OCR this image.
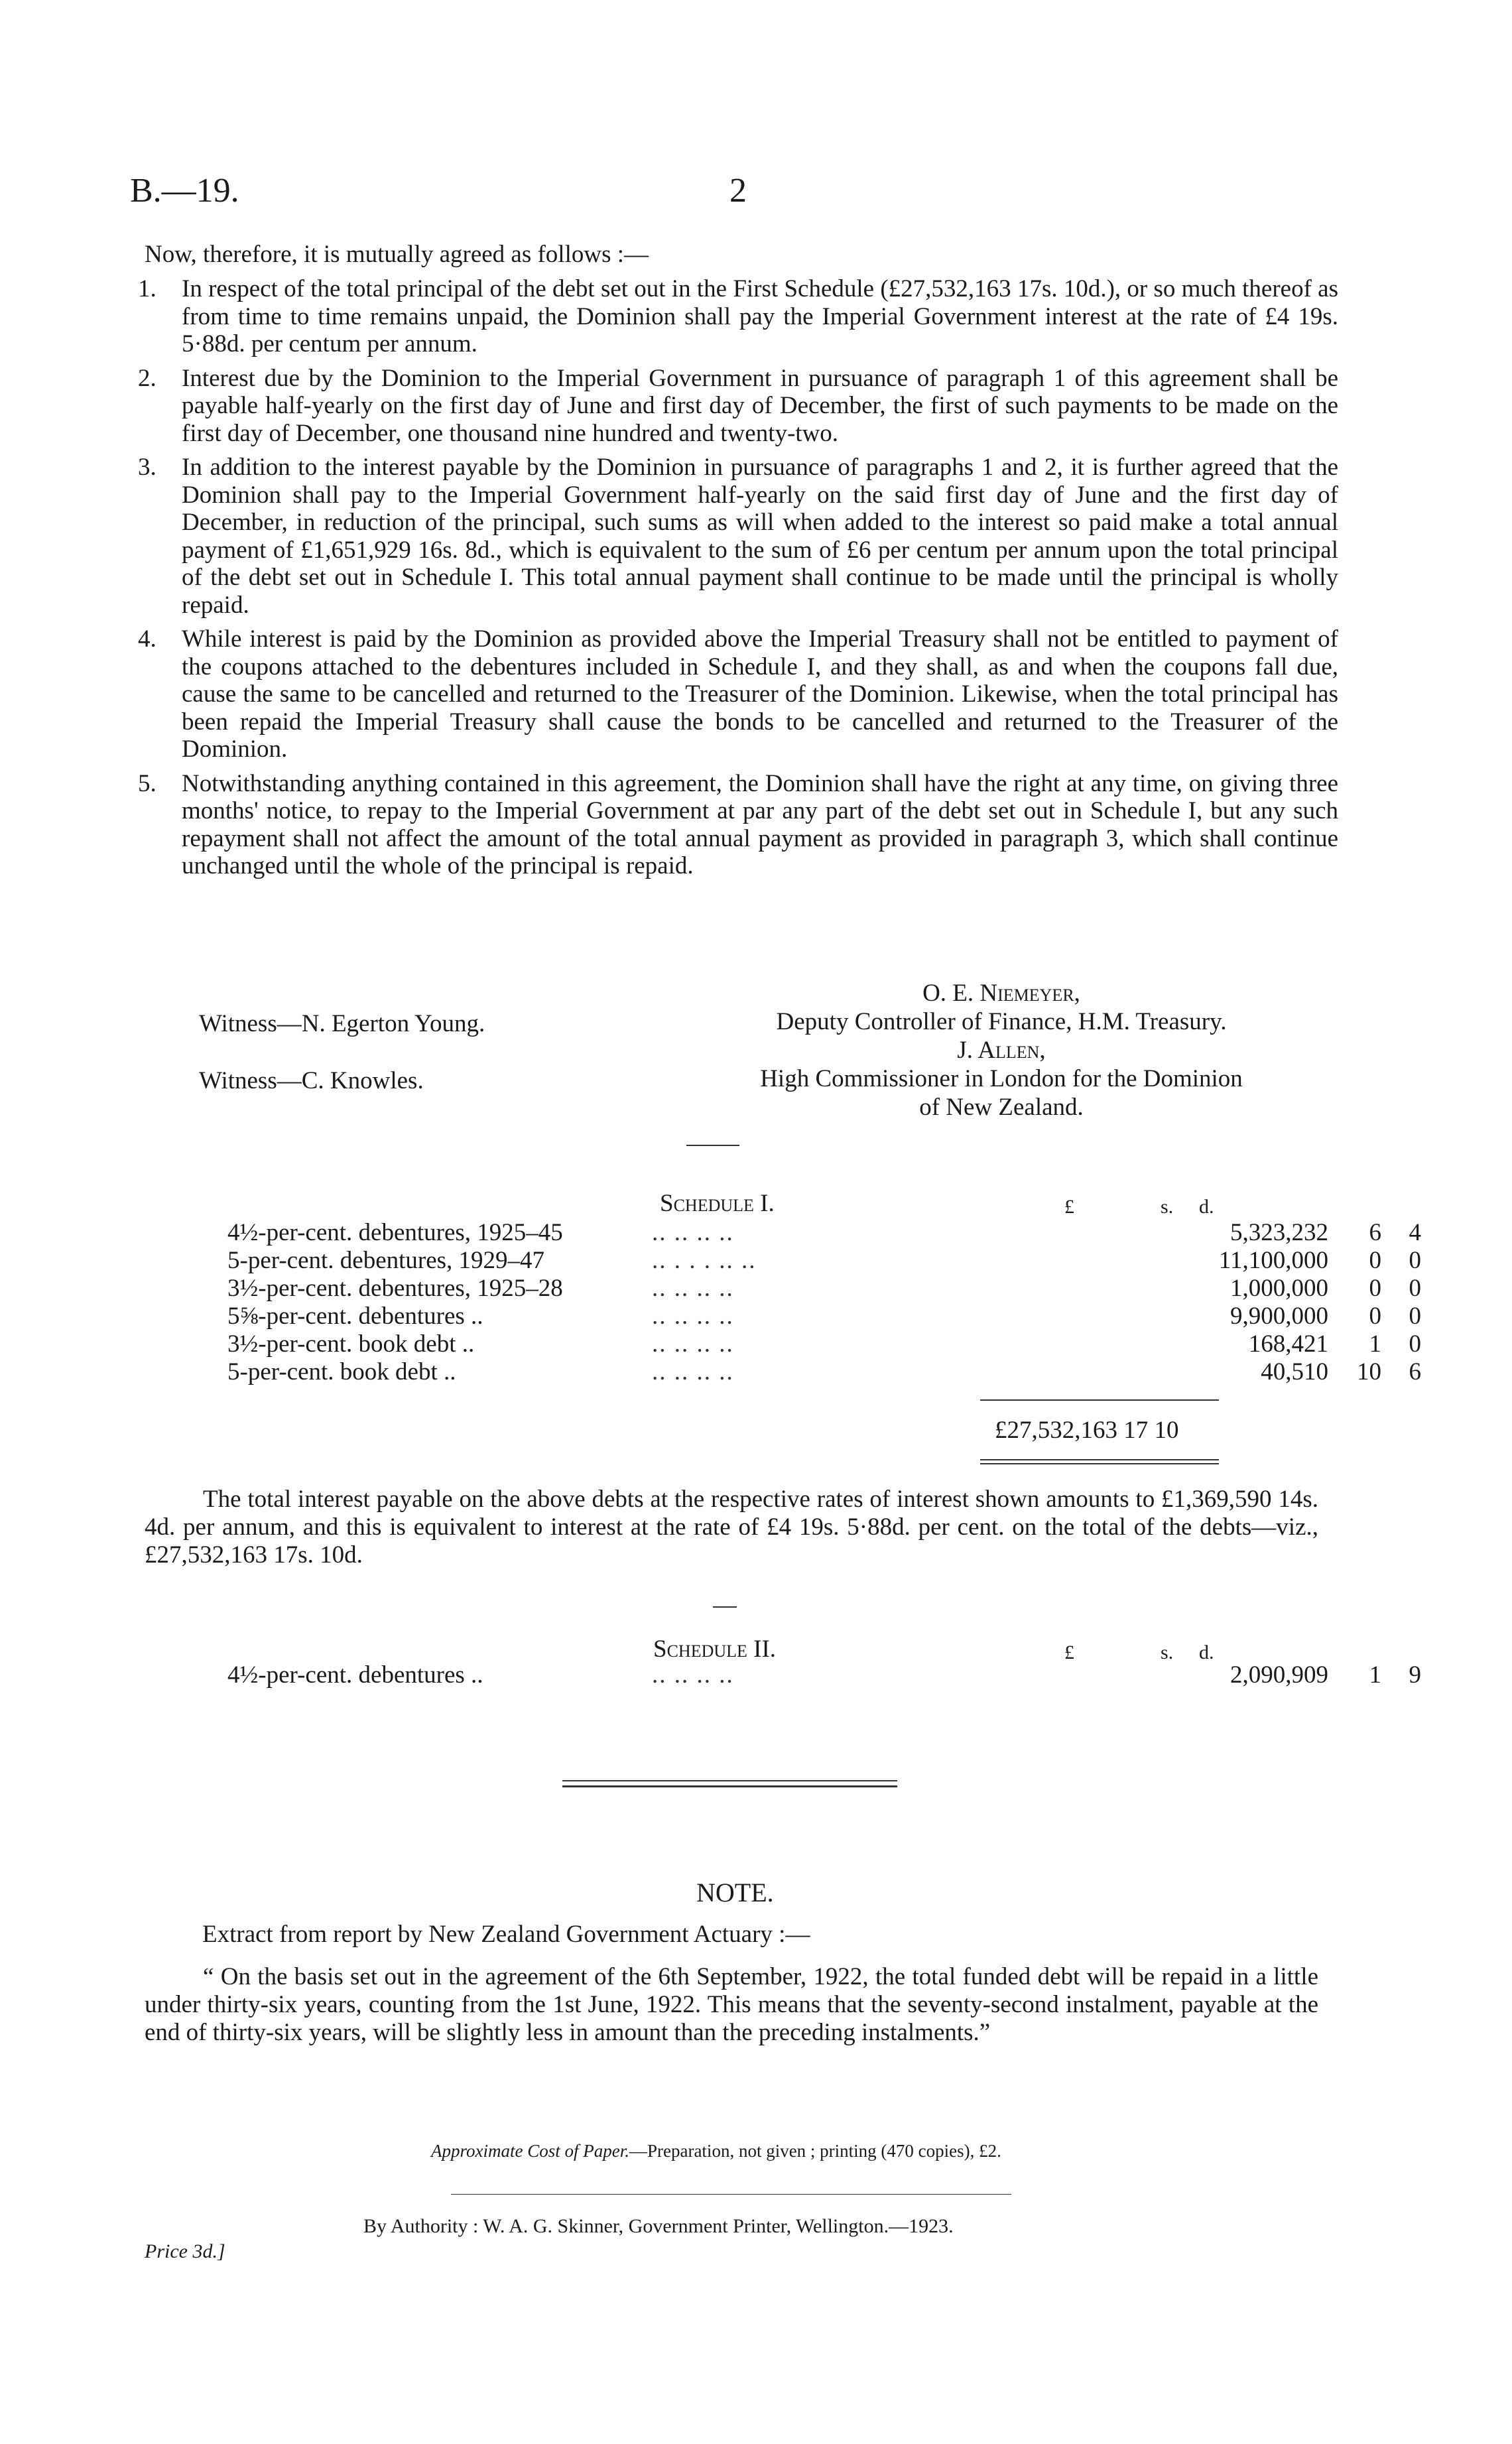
B.—19.	2
Now, therefore, it is mutually agreed as follows :—
1. In respect of the total principal of the debt set out in the First Schedule (£27,532,163 17s. 10d.), or so much thereof as from time to time remains unpaid, the Dominion shall pay the Imperial Government interest at the rate of £4 19s. 5·88d. per centum per annum.
2. Interest due by the Dominion to the Imperial Government in pursuance of paragraph 1 of this agreement shall be payable half-yearly on the first day of June and first day of December, the first of such payments to be made on the first day of December, one thousand nine hundred and twenty-two.
3. In addition to the interest payable by the Dominion in pursuance of paragraphs 1 and 2, it is further agreed that the Dominion shall pay to the Imperial Government half-yearly on the said first day of June and the first day of December, in reduction of the principal, such sums as will when added to the interest so paid make a total annual payment of £1,651,929 16s. 8d., which is equivalent to the sum of £6 per centum per annum upon the total principal of the debt set out in Schedule I. This total annual payment shall continue to be made until the principal is wholly repaid.
4. While interest is paid by the Dominion as provided above the Imperial Treasury shall not be entitled to payment of the coupons attached to the debentures included in Schedule I, and they shall, as and when the coupons fall due, cause the same to be cancelled and returned to the Treasurer of the Dominion. Likewise, when the total principal has been repaid the Imperial Treasury shall cause the bonds to be cancelled and returned to the Treasurer of the Dominion.
5. Notwithstanding anything contained in this agreement, the Dominion shall have the right at any time, on giving three months' notice, to repay to the Imperial Government at par any part of the debt set out in Schedule I, but any such repayment shall not affect the amount of the total annual payment as provided in paragraph 3, which shall continue unchanged until the whole of the principal is repaid.
Witness—N. Egerton Young.
Witness—C. Knowles.
O. E. Niemeyer,
Deputy Controller of Finance, H.M. Treasury.
J. Allen,
High Commissioner in London for the Dominion
of New Zealand.
Schedule I.	£	s. d.
4½-per-cent. debentures, 1925–45	.. .. .. ..	5,323,232	6	4
5-per-cent. debentures, 1929–47	.. . . . .. ..	11,100,000	0	0
3½-per-cent. debentures, 1925–28	.. .. .. ..	1,000,000	0	0
5⅝-per-cent. debentures ..	.. .. .. ..	9,900,000	0	0
3½-per-cent. book debt ..	.. .. .. ..	168,421	1	0
5-per-cent. book debt ..	.. .. .. ..	40,510	10	6
£27,532,163 17 10

The total interest payable on the above debts at the respective rates of interest shown amounts to £1,369,590 14s. 4d. per annum, and this is equivalent to interest at the rate of £4 19s. 5·88d. per cent. on the total of the debts—viz., £27,532,163 17s. 10d.

Schedule II.	£	s. d.
4½-per-cent. debentures ..	.. .. .. ..	2,090,909	1	9
NOTE.
Extract from report by New Zealand Government Actuary :—

“ On the basis set out in the agreement of the 6th September, 1922, the total funded debt will be repaid in a little under thirty-six years, counting from the 1st June, 1922. This means that the seventy-second instalment, payable at the end of thirty-six years, will be slightly less in amount than the preceding instalments.”

Approximate Cost of Paper.—Preparation, not given ; printing (470 copies), £2.
By Authority : W. A. G. Skinner, Government Printer, Wellington.—1923.
Price 3d.]
